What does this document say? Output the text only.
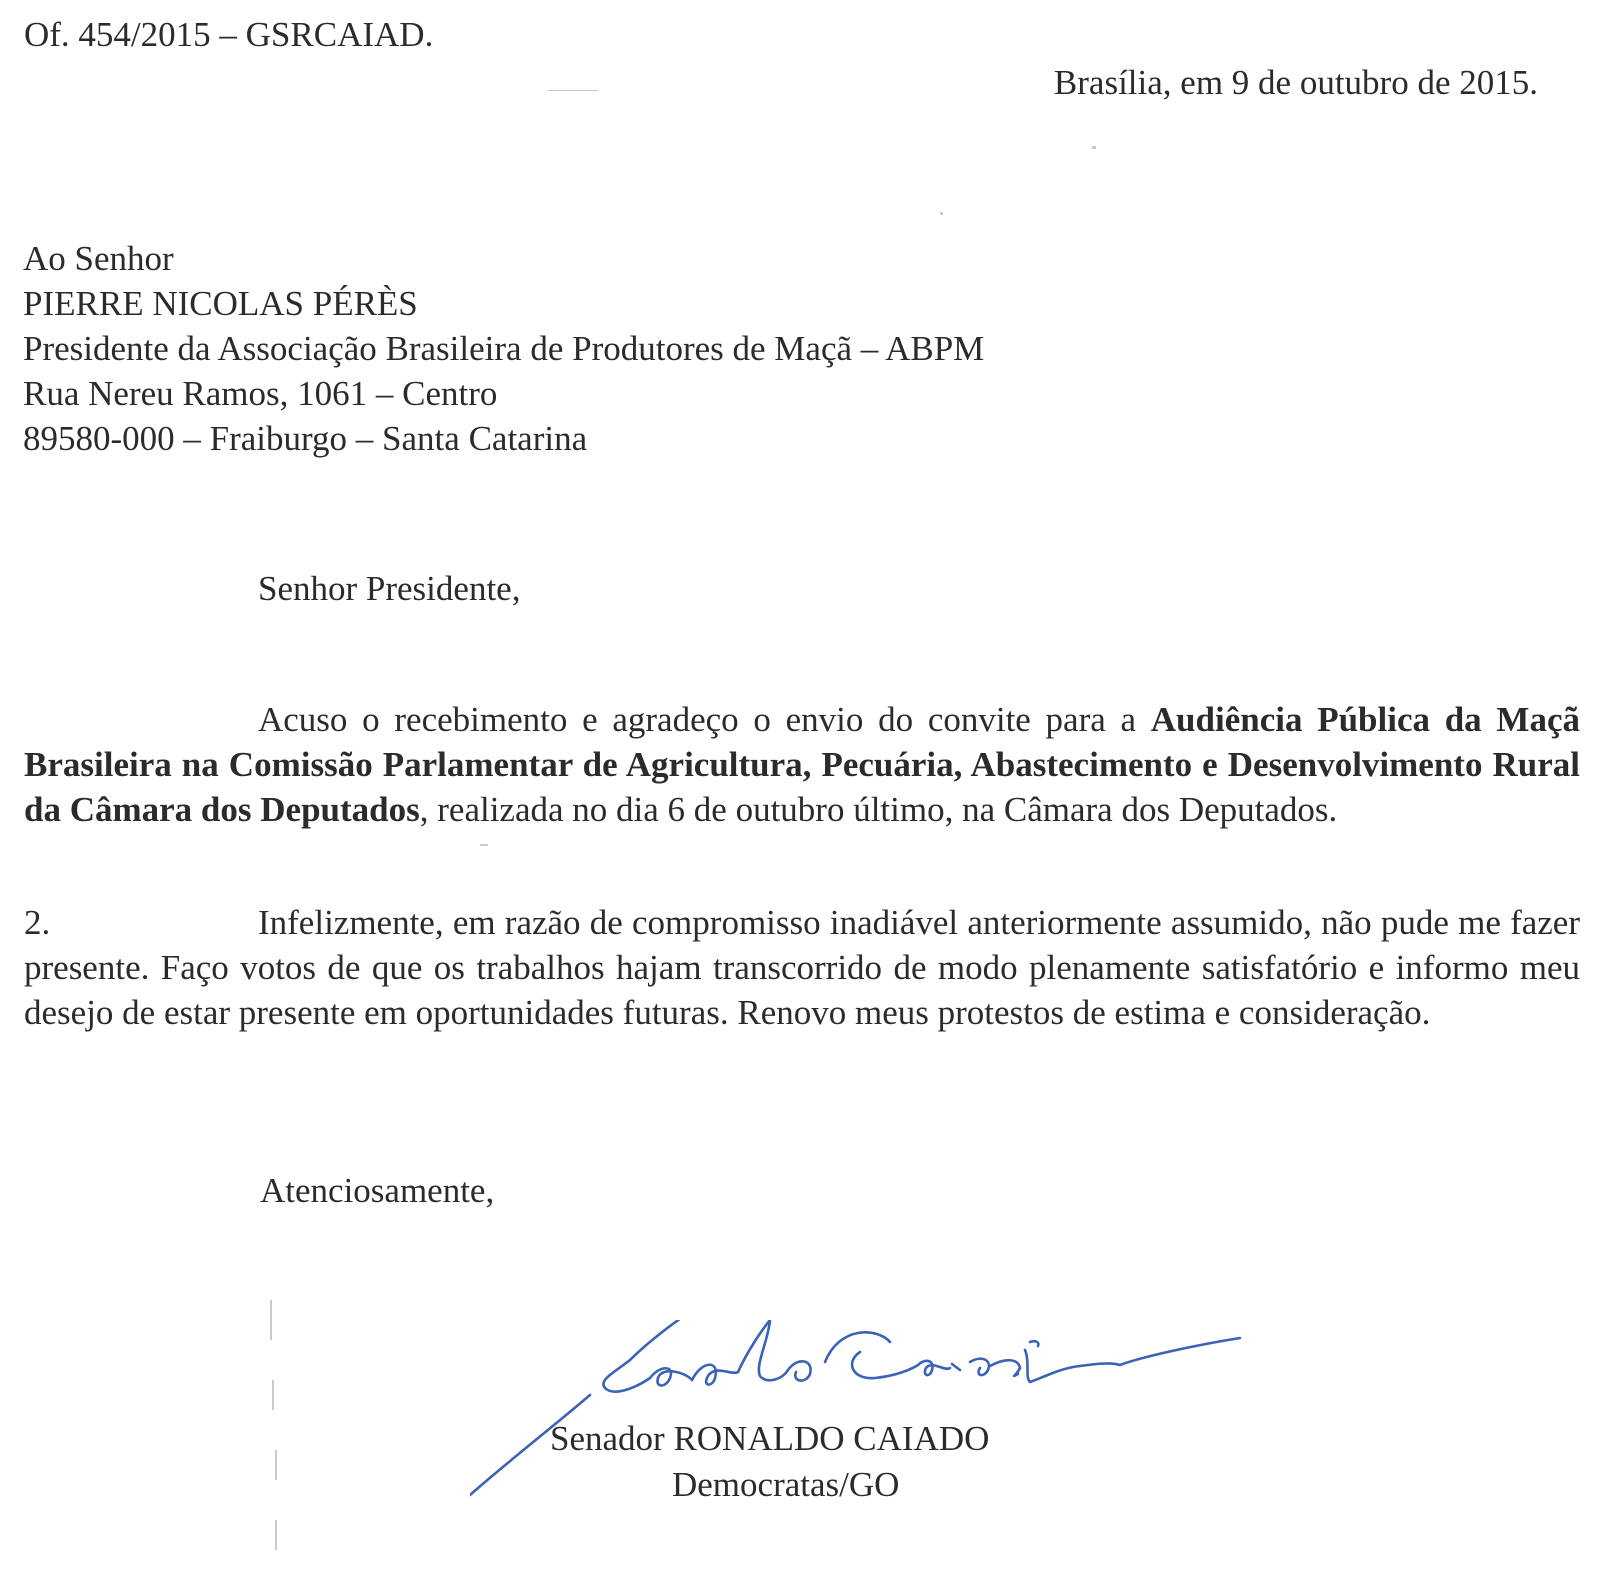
Of. 454/2015 – GSRCAIAD.
Brasília, em 9 de outubro de 2015.
Ao Senhor
PIERRE NICOLAS PÉRÈS
Presidente da Associação Brasileira de Produtores de Maçã – ABPM
Rua Nereu Ramos, 1061 – Centro
89580-000 – Fraiburgo – Santa Catarina
Senhor Presidente,
Acuso o recebimento e agradeço o envio do convite para a Audiência Pública da Maçã Brasileira na Comissão Parlamentar de Agricultura, Pecuária, Abastecimento e Desenvolvimento Rural da Câmara dos Deputados, realizada no dia 6 de outubro último, na Câmara dos Deputados.
2.	Infelizmente, em razão de compromisso inadiável anteriormente assumido, não pude me fazer presente. Faço votos de que os trabalhos hajam transcorrido de modo plenamente satisfatório e informo meu desejo de estar presente em oportunidades futuras. Renovo meus protestos de estima e consideração.
Atenciosamente,
Senador RONALDO CAIADO
Democratas/GO
